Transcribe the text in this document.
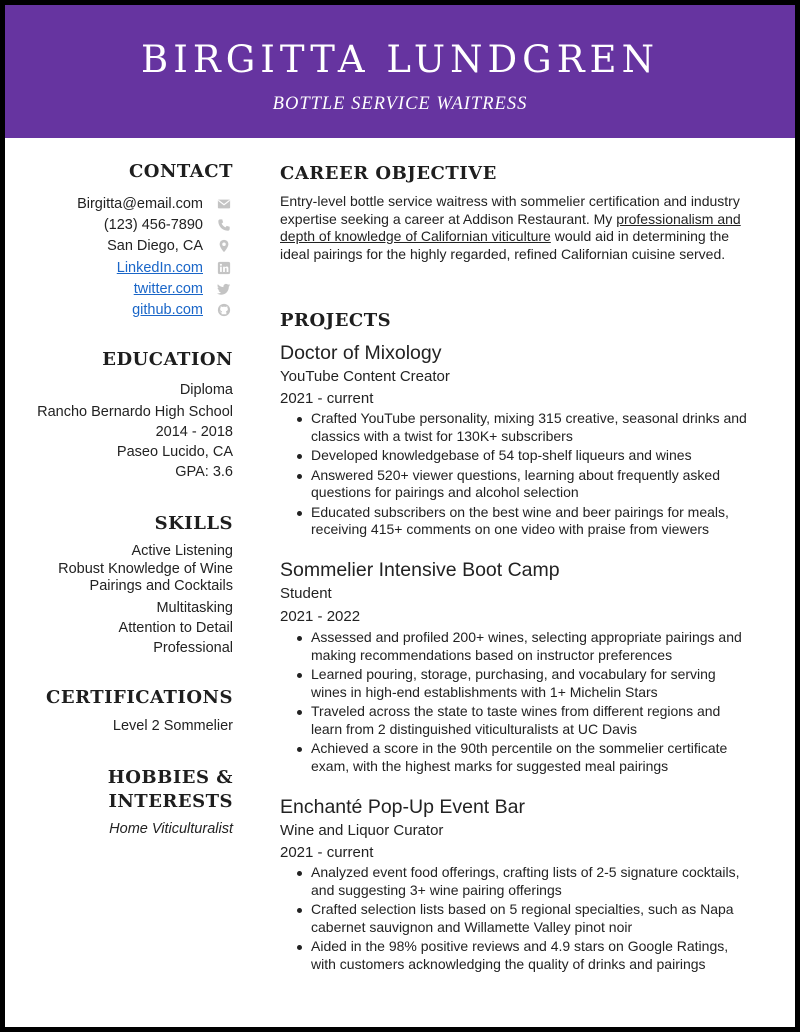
BIRGITTA LUNDGREN
BOTTLE SERVICE WAITRESS
CONTACT
Birgitta@email.com
(123) 456-7890
San Diego, CA
LinkedIn.com
twitter.com
github.com
EDUCATION
Diploma
Rancho Bernardo High School
2014 - 2018
Paseo Lucido, CA
GPA: 3.6
SKILLS
Active Listening
Robust Knowledge of Wine Pairings and Cocktails
Multitasking
Attention to Detail
Professional
CERTIFICATIONS
Level 2 Sommelier
HOBBIES & INTERESTS
Home Viticulturalist
CAREER OBJECTIVE
Entry-level bottle service waitress with sommelier certification and industry expertise seeking a career at Addison Restaurant. My professionalism and depth of knowledge of Californian viticulture would aid in determining the ideal pairings for the highly regarded, refined Californian cuisine served.
PROJECTS
Doctor of Mixology
YouTube Content Creator
2021 - current
Crafted YouTube personality, mixing 315 creative, seasonal drinks and classics with a twist for 130K+ subscribers
Developed knowledgebase of 54 top-shelf liqueurs and wines
Answered 520+ viewer questions, learning about frequently asked questions for pairings and alcohol selection
Educated subscribers on the best wine and beer pairings for meals, receiving 415+ comments on one video with praise from viewers
Sommelier Intensive Boot Camp
Student
2021 - 2022
Assessed and profiled 200+ wines, selecting appropriate pairings and making recommendations based on instructor preferences
Learned pouring, storage, purchasing, and vocabulary for serving wines in high-end establishments with 1+ Michelin Stars
Traveled across the state to taste wines from different regions and learn from 2 distinguished viticulturalists at UC Davis
Achieved a score in the 90th percentile on the sommelier certificate exam, with the highest marks for suggested meal pairings
Enchanté Pop-Up Event Bar
Wine and Liquor Curator
2021 - current
Analyzed event food offerings, crafting lists of 2-5 signature cocktails, and suggesting 3+ wine pairing offerings
Crafted selection lists based on 5 regional specialties, such as Napa cabernet sauvignon and Willamette Valley pinot noir
Aided in the 98% positive reviews and 4.9 stars on Google Ratings, with customers acknowledging the quality of drinks and pairings
